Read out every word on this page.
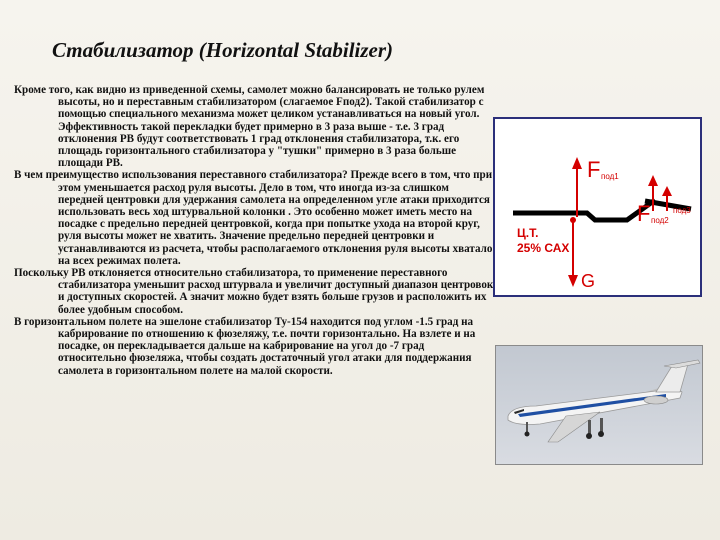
Стабилизатор (Horizontal Stabilizer)

Кроме того, как видно из приведенной схемы, самолет можно балансировать не только рулем высоты, но и переставным стабилизатором (слагаемое Fпод2). Такой стабилизатор с помощью специального механизма может целиком устанавливаться на новый угол. Эффективность такой перекладки будет примерно в 3 раза выше - т.е. 3 град отклонения РВ будут соответствовать 1 град отклонения стабилизатора, т.к. его площадь горизонтального стабилизатора у "тушки" примерно в 3 раза больше площади РВ.

В чем преимущество использования переставного стабилизатора? Прежде всего в том, что при этом уменьшается расход руля высоты. Дело в том, что иногда из-за слишком передней центровки для удержания самолета на определенном угле атаки приходится использовать весь ход штурвальной колонки . Это особенно может иметь место на посадке с предельно передней центровкой, когда при попытке ухода на второй круг, руля высоты может не хватить. Значение предельно передней центровки и устанавливаются из расчета, чтобы располагаемого отклонения руля высоты хватало на всех режимах полета.

Поскольку РВ отклоняется относительно стабилизатора, то применение переставного стабилизатора уменьшит расход штурвала и увеличит доступный диапазон центровок и доступных скоростей. А значит можно будет взять больше грузов и расположить их более удобным способом.

В горизонтальном полете на эшелоне стабилизатор Ту-154 находится под углом -1.5 град на кабрирование по отношению к фюзеляжу, т.е. почти горизонтально. На взлете и на посадке, он перекладывается дальше на кабрирование на угол до -7 град относительно фюзеляжа, чтобы создать достаточный угол атаки для поддержания самолета в горизонтальном полете на малой скорости.

F под1
F под2
под3
Ц.Т.
25% САХ
G
